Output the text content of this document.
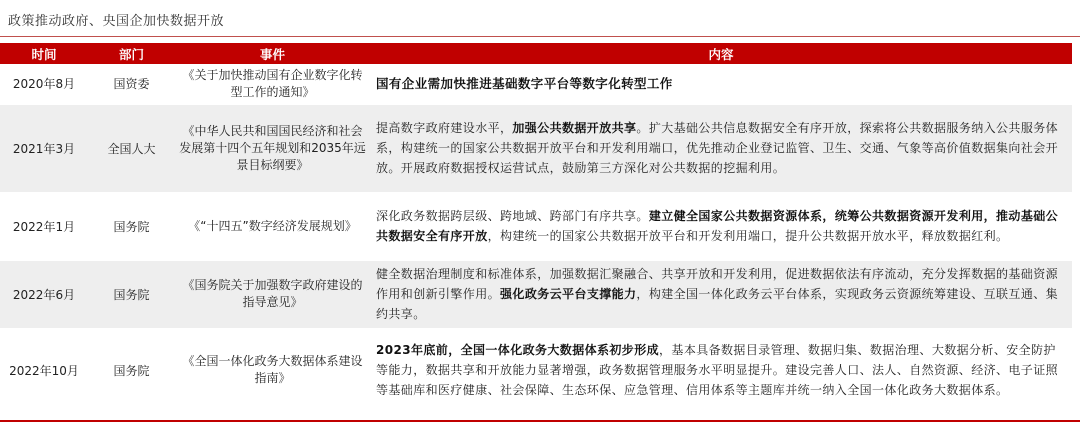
政策推动政府、央国企加快数据开放
时间	部门	事件	内容
2020年8月	国资委	《关于加快推动国有企业数字化转型工作的通知》	国有企业需加快推进基础数字平台等数字化转型工作
2021年3月	全国人大	《中华人民共和国国民经济和社会发展第十四个五年规划和2035年远景目标纲要》	提高数字政府建设水平，加强公共数据开放共享。扩大基础公共信息数据安全有序开放，探索将公共数据服务纳入公共服务体系，构建统一的国家公共数据开放平台和开发利用端口，优先推动企业登记监管、卫生、交通、气象等高价值数据集向社会开放。开展政府数据授权运营试点，鼓励第三方深化对公共数据的挖掘利用。
2022年1月	国务院	《“十四五”数字经济发展规划》	深化政务数据跨层级、跨地域、跨部门有序共享。建立健全国家公共数据资源体系，统筹公共数据资源开发利用，推动基础公共数据安全有序开放，构建统一的国家公共数据开放平台和开发利用端口，提升公共数据开放水平，释放数据红利。
2022年6月	国务院	《国务院关于加强数字政府建设的指导意见》	健全数据治理制度和标准体系，加强数据汇聚融合、共享开放和开发利用，促进数据依法有序流动，充分发挥数据的基础资源作用和创新引擎作用。强化政务云平台支撑能力，构建全国一体化政务云平台体系，实现政务云资源统筹建设、互联互通、集约共享。
2022年10月	国务院	《全国一体化政务大数据体系建设指南》	2023年底前，全国一体化政务大数据体系初步形成，基本具备数据目录管理、数据归集、数据治理、大数据分析、安全防护等能力，数据共享和开放能力显著增强，政务数据管理服务水平明显提升。建设完善人口、法人、自然资源、经济、电子证照等基础库和医疗健康、社会保障、生态环保、应急管理、信用体系等主题库并统一纳入全国一体化政务大数据体系。
